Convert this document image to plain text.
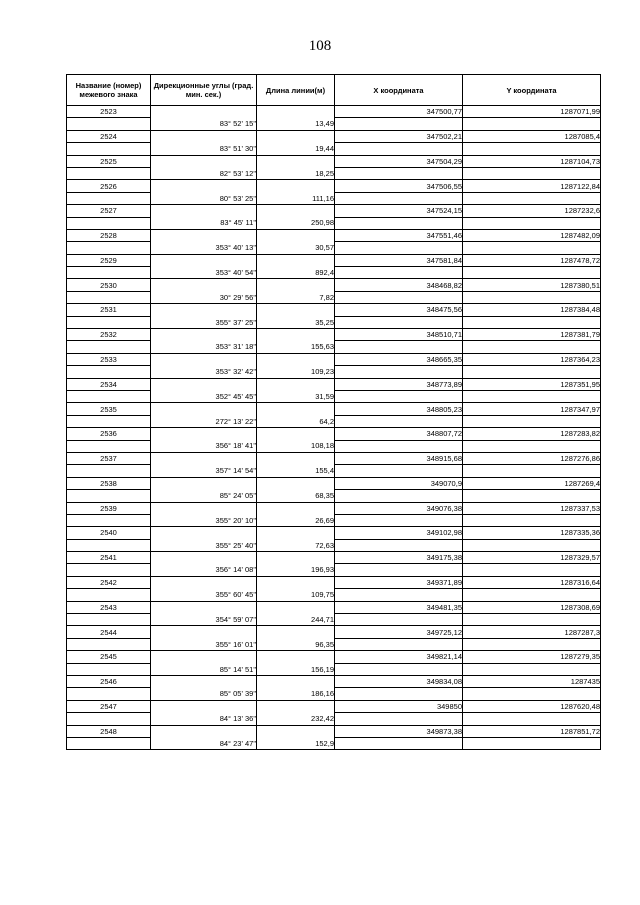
108
Название (номер) межевого знака	Дирекционные углы (град. мин. сек.)	Длина линии(м)	X координата	Y координата
2523			347500,77	1287071,99
	83° 52' 15"	13,49		
2524			347502,21	1287085,4
	83° 51' 30"	19,44		
2525			347504,29	1287104,73
	82° 53' 12"	18,25		
2526			347506,55	1287122,84
	80° 53' 25"	111,16		
2527			347524,15	1287232,6
	83° 45' 11"	250,98		
2528			347551,46	1287482,09
	353° 40' 13"	30,57		
2529			347581,84	1287478,72
	353° 40' 54"	892,4		
2530			348468,82	1287380,51
	30° 29' 56"	7,82		
2531			348475,56	1287384,48
	355° 37' 25"	35,25		
2532			348510,71	1287381,79
	353° 31' 18"	155,63		
2533			348665,35	1287364,23
	353° 32' 42"	109,23		
2534			348773,89	1287351,95
	352° 45' 45"	31,59		
2535			348805,23	1287347,97
	272° 13' 22"	64,2		
2536			348807,72	1287283,82
	356° 18' 41"	108,18		
2537			348915,68	1287276,86
	357° 14' 54"	155,4		
2538			349070,9	1287269,4
	85° 24' 05"	68,35		
2539			349076,38	1287337,53
	355° 20' 10"	26,69		
2540			349102,98	1287335,36
	355° 25' 40"	72,63		
2541			349175,38	1287329,57
	356° 14' 08"	196,93		
2542			349371,89	1287316,64
	355° 60' 45"	109,75		
2543			349481,35	1287308,69
	354° 59' 07"	244,71		
2544			349725,12	1287287,3
	355° 16' 01"	96,35		
2545			349821,14	1287279,35
	85° 14' 51"	156,19		
2546			349834,08	1287435
	85° 05' 39"	186,16		
2547			349850	1287620,48
	84° 13' 36"	232,42		
2548			349873,38	1287851,72
	84° 23' 47"	152,9		
